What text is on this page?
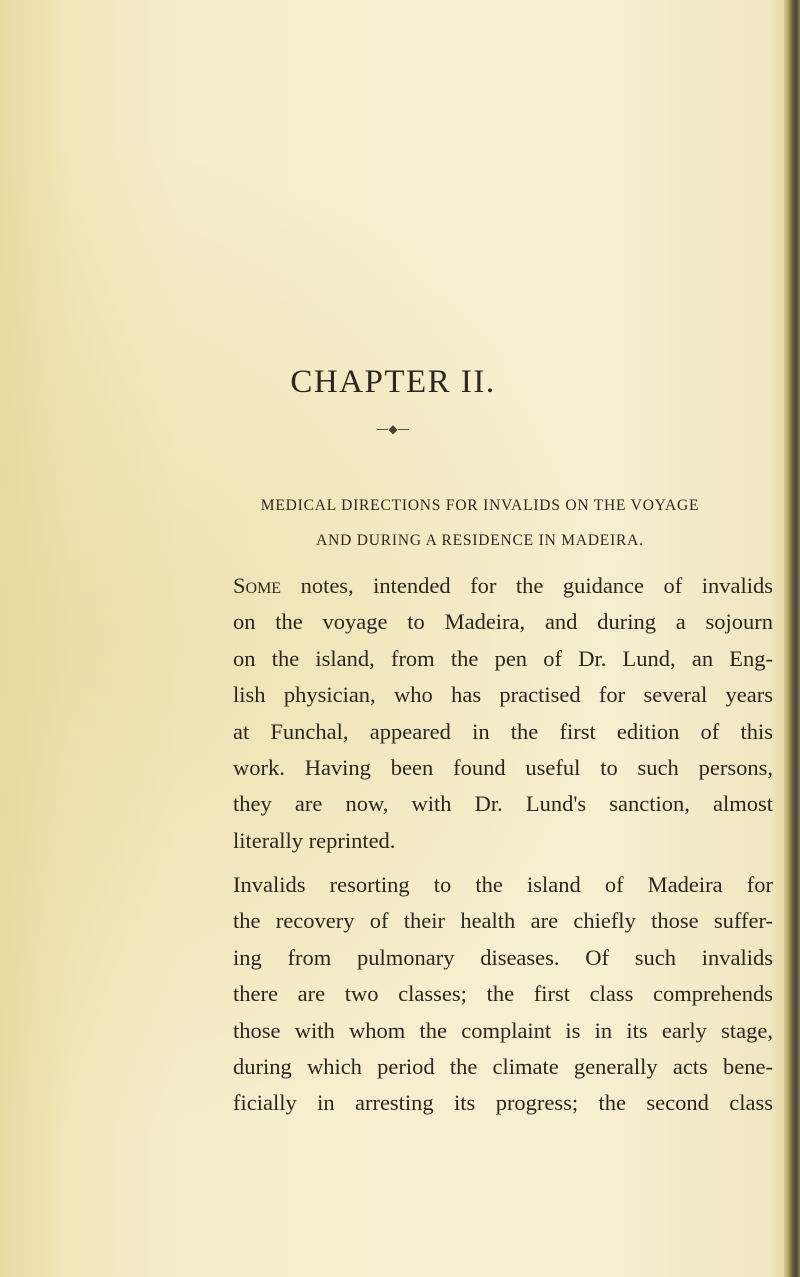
CHAPTER II.
—◆—
MEDICAL DIRECTIONS FOR INVALIDS ON THE VOYAGE
AND DURING A RESIDENCE IN MADEIRA.
Some notes, intended for the guidance of invalids
on the voyage to Madeira, and during a sojourn
on the island, from the pen of Dr. Lund, an Eng-
lish physician, who has practised for several years
at Funchal, appeared in the first edition of this
work. Having been found useful to such persons,
they are now, with Dr. Lund's sanction, almost
literally reprinted.
Invalids resorting to the island of Madeira for
the recovery of their health are chiefly those suffer-
ing from pulmonary diseases. Of such invalids
there are two classes; the first class comprehends
those with whom the complaint is in its early stage,
during which period the climate generally acts bene-
ficially in arresting its progress; the second class
